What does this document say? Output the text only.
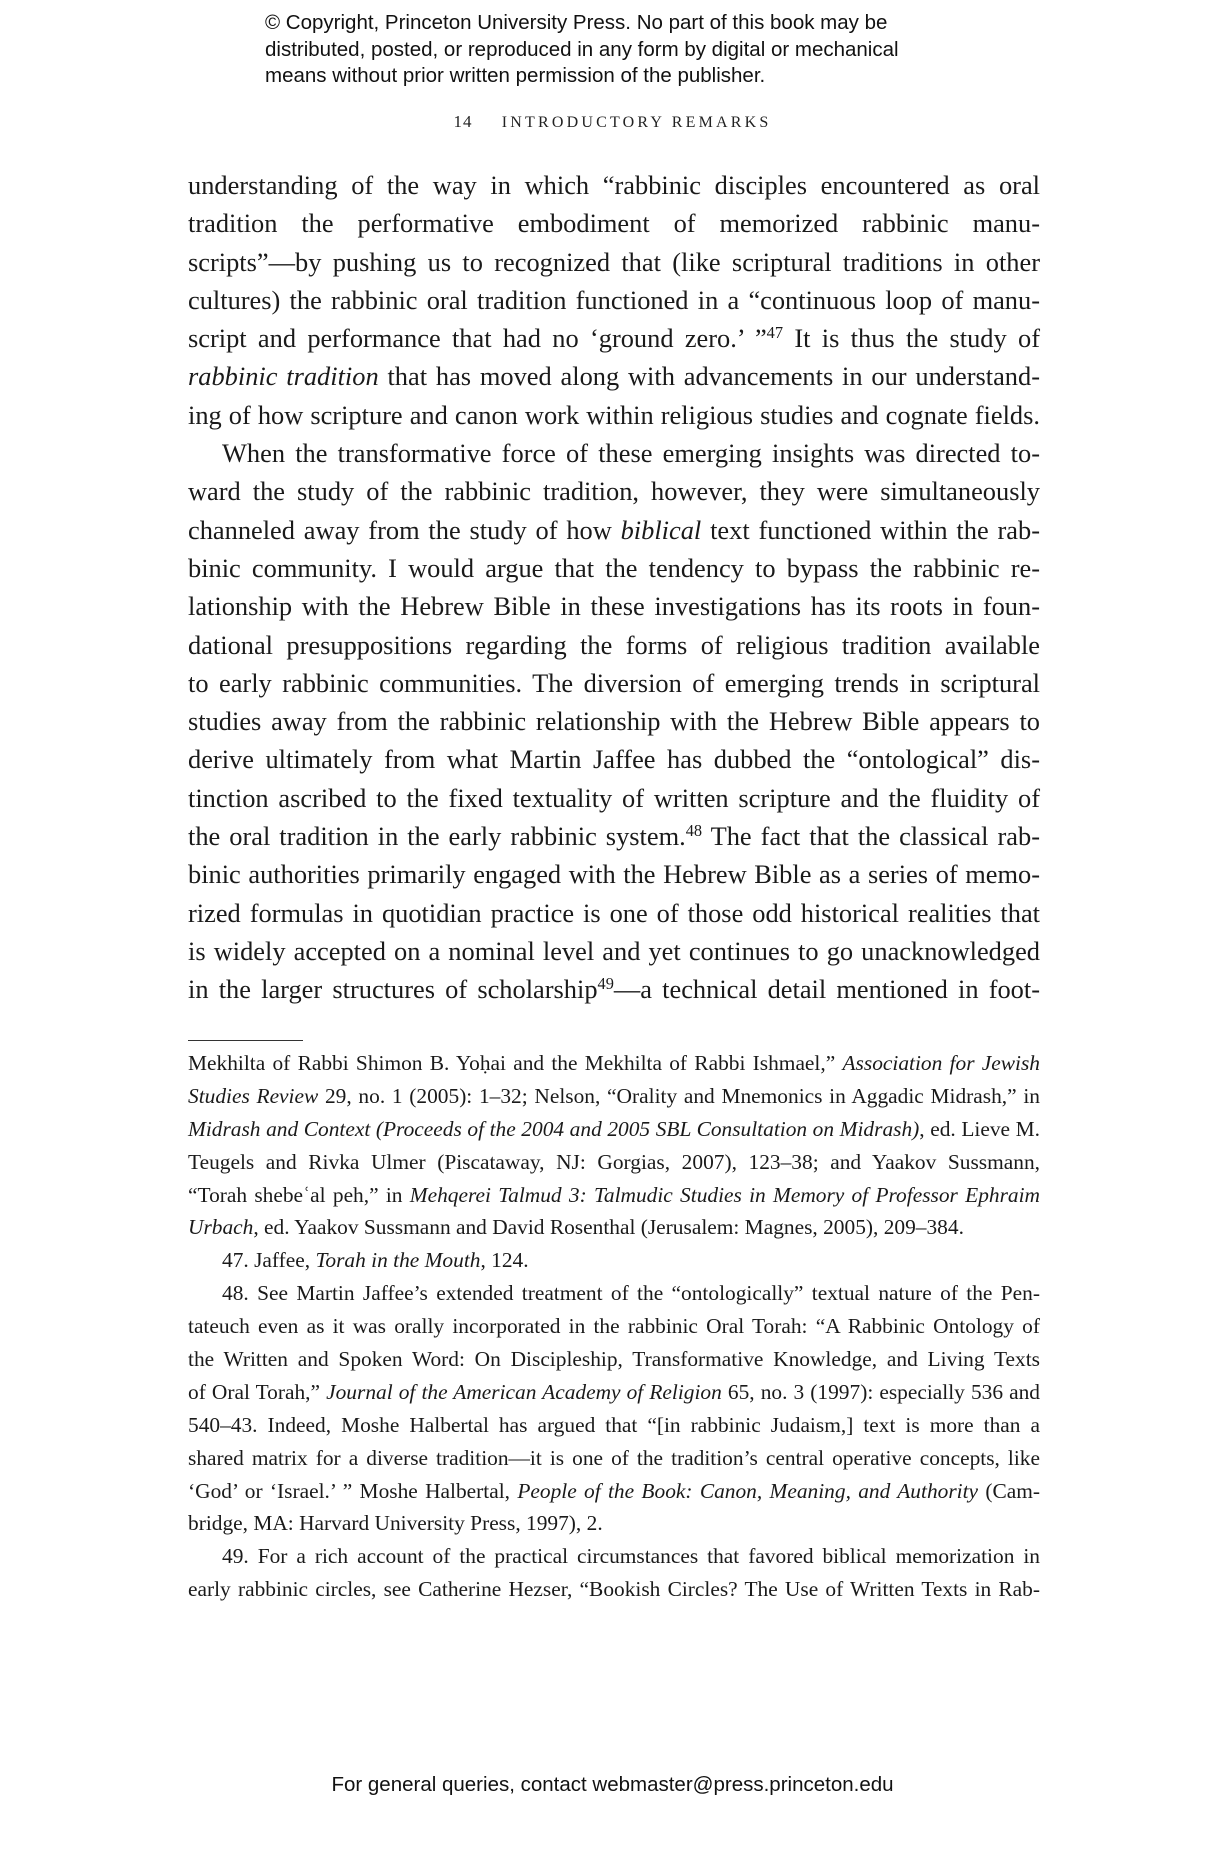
© Copyright, Princeton University Press. No part of this book may be
distributed, posted, or reproduced in any form by digital or mechanical
means without prior written permission of the publisher.
14 INTRODUCTORY REMARKS
understanding of the way in which “rabbinic disciples encountered as oral
tradition the performative embodiment of memorized rabbinic manu-
scripts”—by pushing us to recognized that (like scriptural traditions in other
cultures) the rabbinic oral tradition functioned in a “continuous loop of manu-
script and performance that had no ‘ground zero.’ ”$^{47}$ It is thus the study of
rabbinic tradition that has moved along with advancements in our understand-
ing of how scripture and canon work within religious studies and cognate fields.
When the transformative force of these emerging insights was directed to-
ward the study of the rabbinic tradition, however, they were simultaneously
channeled away from the study of how biblical text functioned within the rab-
binic community. I would argue that the tendency to bypass the rabbinic re-
lationship with the Hebrew Bible in these investigations has its roots in foun-
dational presuppositions regarding the forms of religious tradition available
to early rabbinic communities. The diversion of emerging trends in scriptural
studies away from the rabbinic relationship with the Hebrew Bible appears to
derive ultimately from what Martin Jaffee has dubbed the “ontological” dis-
tinction ascribed to the fixed textuality of written scripture and the fluidity of
the oral tradition in the early rabbinic system.$^{48}$ The fact that the classical rab-
binic authorities primarily engaged with the Hebrew Bible as a series of memo-
rized formulas in quotidian practice is one of those odd historical realities that
is widely accepted on a nominal level and yet continues to go unacknowledged
in the larger structures of scholarship$^{49}$—a technical detail mentioned in foot-
Mekhilta of Rabbi Shimon B. Yoḥai and the Mekhilta of Rabbi Ishmael,” Association for Jewish
Studies Review 29, no. 1 (2005): 1–32; Nelson, “Orality and Mnemonics in Aggadic Midrash,” in
Midrash and Context (Proceeds of the 2004 and 2005 SBL Consultation on Midrash), ed. Lieve M.
Teugels and Rivka Ulmer (Piscataway, NJ: Gorgias, 2007), 123–38; and Yaakov Sussmann,
“Torah shebeʿal peh,” in Mehqerei Talmud 3: Talmudic Studies in Memory of Professor Ephraim
Urbach, ed. Yaakov Sussmann and David Rosenthal (Jerusalem: Magnes, 2005), 209–384.
47. Jaffee, Torah in the Mouth, 124.
48. See Martin Jaffee’s extended treatment of the “ontologically” textual nature of the Pen-
tateuch even as it was orally incorporated in the rabbinic Oral Torah: “A Rabbinic Ontology of
the Written and Spoken Word: On Discipleship, Transformative Knowledge, and Living Texts
of Oral Torah,” Journal of the American Academy of Religion 65, no. 3 (1997): especially 536 and
540–43. Indeed, Moshe Halbertal has argued that “[in rabbinic Judaism,] text is more than a
shared matrix for a diverse tradition—it is one of the tradition’s central operative concepts, like
‘God’ or ‘Israel.’ ” Moshe Halbertal, People of the Book: Canon, Meaning, and Authority (Cam-
bridge, MA: Harvard University Press, 1997), 2.
49. For a rich account of the practical circumstances that favored biblical memorization in
early rabbinic circles, see Catherine Hezser, “Bookish Circles? The Use of Written Texts in Rab-
For general queries, contact webmaster@press.princeton.edu
